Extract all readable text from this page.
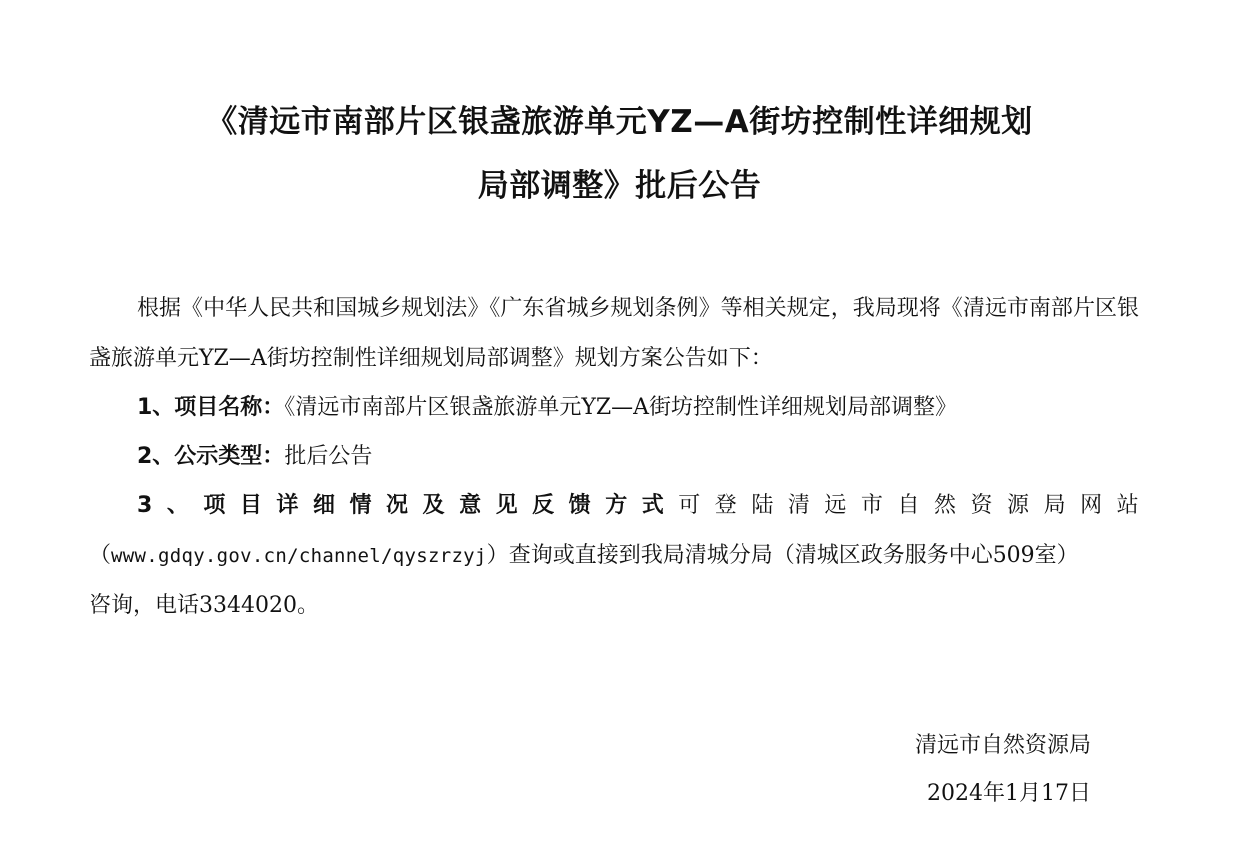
《清远市南部片区银盏旅游单元YZ—A街坊控制性详细规划
局部调整》批后公告
根据《中华人民共和国城乡规划法》《广东省城乡规划条例》等相关规定，我局现将《清远市南部片区银盏旅游单元YZ—A街坊控制性详细规划局部调整》规划方案公告如下：
1、项目名称：《清远市南部片区银盏旅游单元YZ—A街坊控制性详细规划局部调整》
2、公示类型：批后公告
3 、 项 目 详 细 情 况 及 意 见 反 馈 方 式 可 登 陆 清 远 市 自 然 资 源 局 网 站
（www.gdqy.gov.cn/channel/qyszrzyj）查询或直接到我局清城分局（清城区政务服务中心509室）
咨询，电话3344020。
清远市自然资源局
2024年1月17日
